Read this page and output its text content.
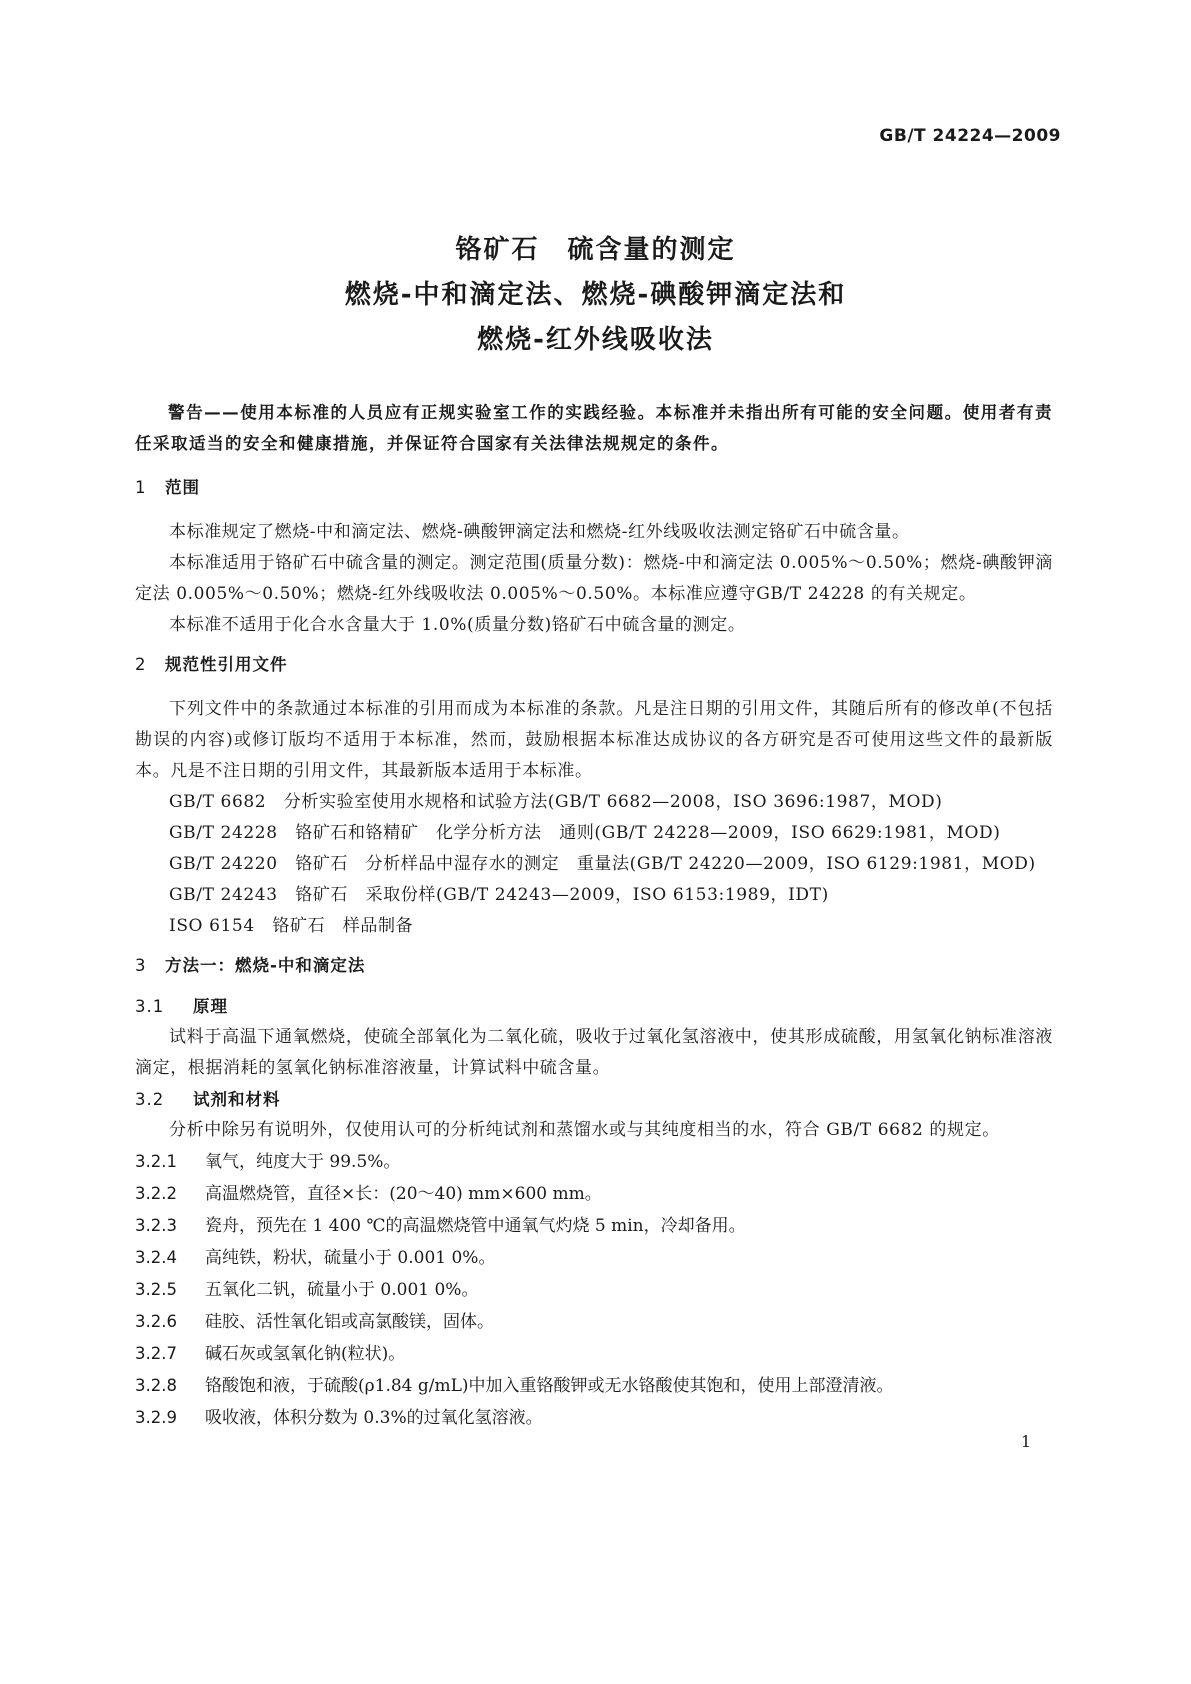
GB/T 24224—2009
铬矿石　硫含量的测定
燃烧-中和滴定法、燃烧-碘酸钾滴定法和
燃烧-红外线吸收法

警告——使用本标准的人员应有正规实验室工作的实践经验。本标准并未指出所有可能的安全问题。使用者有责任采取适当的安全和健康措施，并保证符合国家有关法律法规规定的条件。

1 范围

本标准规定了燃烧-中和滴定法、燃烧-碘酸钾滴定法和燃烧-红外线吸收法测定铬矿石中硫含量。

本标准适用于铬矿石中硫含量的测定。测定范围(质量分数)：燃烧-中和滴定法 0.005%～0.50%；燃烧-碘酸钾滴定法 0.005%～0.50%；燃烧-红外线吸收法 0.005%～0.50%。本标准应遵守GB/T 24228 的有关规定。

本标准不适用于化合水含量大于 1.0%(质量分数)铬矿石中硫含量的测定。

2 规范性引用文件

下列文件中的条款通过本标准的引用而成为本标准的条款。凡是注日期的引用文件，其随后所有的修改单(不包括勘误的内容)或修订版均不适用于本标准，然而，鼓励根据本标准达成协议的各方研究是否可使用这些文件的最新版本。凡是不注日期的引用文件，其最新版本适用于本标准。

GB/T 6682　分析实验室使用水规格和试验方法(GB/T 6682—2008，ISO 3696:1987，MOD)

GB/T 24228　铬矿石和铬精矿　化学分析方法　通则(GB/T 24228—2009，ISO 6629:1981，MOD)

GB/T 24220　铬矿石　分析样品中湿存水的测定　重量法(GB/T 24220—2009，ISO 6129:1981，MOD)

GB/T 24243　铬矿石　采取份样(GB/T 24243—2009，ISO 6153:1989，IDT)

ISO 6154　铬矿石　样品制备

3 方法一：燃烧-中和滴定法

3.1 原理

试料于高温下通氧燃烧，使硫全部氧化为二氧化硫，吸收于过氧化氢溶液中，使其形成硫酸，用氢氧化钠标准溶液滴定，根据消耗的氢氧化钠标准溶液量，计算试料中硫含量。

3.2 试剂和材料

分析中除另有说明外，仅使用认可的分析纯试剂和蒸馏水或与其纯度相当的水，符合 GB/T 6682 的规定。

3.2.1 氧气，纯度大于 99.5%。

3.2.2 高温燃烧管，直径×长：(20～40) mm×600 mm。

3.2.3 瓷舟，预先在 1 400 ℃的高温燃烧管中通氧气灼烧 5 min，冷却备用。

3.2.4 高纯铁，粉状，硫量小于 0.001 0%。

3.2.5 五氧化二钒，硫量小于 0.001 0%。

3.2.6 硅胶、活性氧化铝或高氯酸镁，固体。

3.2.7 碱石灰或氢氧化钠(粒状)。

3.2.8 铬酸饱和液，于硫酸(ρ1.84 g/mL)中加入重铬酸钾或无水铬酸使其饱和，使用上部澄清液。

3.2.9 吸收液，体积分数为 0.3%的过氧化氢溶液。

1
